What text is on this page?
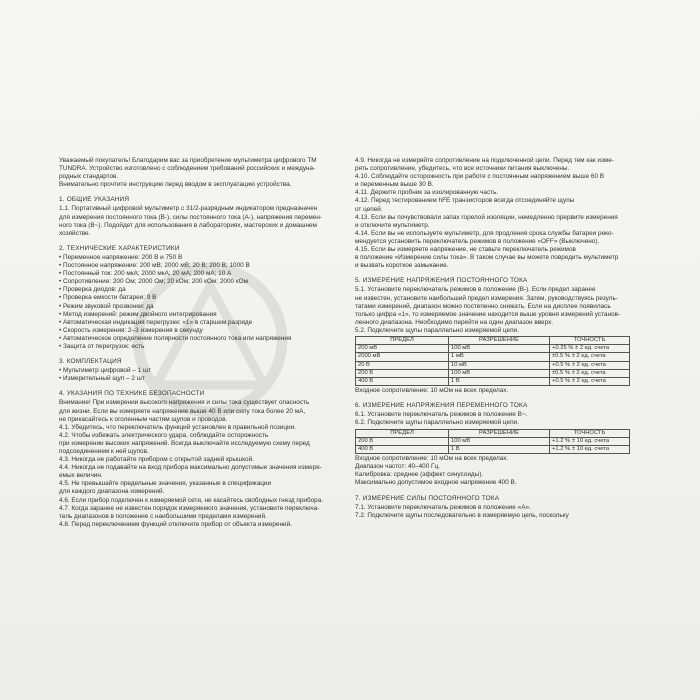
Уважаемый покупатель! Благодарим вас за приобретение мультиметра цифрового ТМ

TUNDRA. Устройство изготовлено с соблюдением требований российских и междуна-

родных стандартов.

Внимательно прочтите инструкцию перед вводом в эксплуатацию устройства.

1. ОБЩИЕ УКАЗАНИЯ

1.1. Портативный цифровой мультиметр с 31/2-разрядным индикатором предназначен

для измерения постоянного тока (В-), силы постоянного тока (А-), напряжения перемен-

ного тока (В~). Подойдет для использования в лабораториях, мастерских и домашнем

хозяйстве.

2. ТЕХНИЧЕСКИЕ ХАРАКТЕРИСТИКИ

• Переменное напряжение: 200 В и 750 В

• Постоянное напряжение: 200 мВ; 2000 мВ; 20 В; 200 В; 1000 В

• Постоянный ток: 200 мкА; 2000 мкА; 20 мА; 200 мА; 10 А

• Сопротивление: 200 Ом; 2000 Ом; 20 кОм; 200 кОм; 2000 кОм

• Проверка диодов: да

• Проверка емкости батареи: 9 В

• Режим звуковой прозвонки: да

• Метод измерений: режим двойного интегрирования

• Автоматическая индикация перегрузки: «1» в старшем разряде

• Скорость измерения: 2–3 измерения в секунду

• Автоматическое определение полярности постоянного тока или напряжения

• Защита от перегрузок: есть

3. КОМПЛЕКТАЦИЯ

• Мультиметр цифровой – 1 шт

• Измерительный щуп – 2 шт

4. УКАЗАНИЯ ПО ТЕХНИКЕ БЕЗОПАСНОСТИ

Внимание! При измерении высокого напряжения и силы тока существует опасность

для жизни. Если вы измеряете напряжение выше 40 В или силу тока более 20 мА,

не прикасайтесь к оголенным частям щупов и проводов.

4.1. Убедитесь, что переключатель функций установлен в правильной позиции.

4.2. Чтобы избежать электрического удара, соблюдайте осторожность

при измерении высоких напряжений. Всегда выключайте исследуемую схему перед

подсоединением к ней щупов.

4.3. Никогда не работайте прибором с открытой задней крышкой.

4.4. Никогда не подавайте на вход прибора максимально допустимые значения измеря-

емых величин.

4.5. Не превышайте предельные значения, указанные в спецификации

для каждого диапазона измерений.

4.6. Если прибор подключен к измеряемой сети, не касайтесь свободных гнезд прибора.

4.7. Когда заранее не известен порядок измеряемого значения, установите переключа-

тель диапазонов в положение с наибольшими пределами измерений.

4.8. Перед переключением функций отключите прибор от объекта измерений.

4.9. Никогда не измеряйте сопротивление на подключенной цепи. Перед тем как изме-

рять сопротивление, убедитесь, что все источники питания выключены.

4.10. Соблюдайте осторожность при работе с постоянным напряжением выше 60 В

и переменным выше 30 В.

4.11. Держите пробник за изолированную часть.

4.12. Перед тестированием hFE транзисторов всегда отсоединяйте щупы

от цепей.

4.13. Если вы почувствовали запах горелой изоляции, немедленно прервите измерения

и отключите мультиметр.

4.14. Если вы не используете мультиметр, для продления срока службы батареи реко-

мендуется установить переключатель режимов в положение «OFF» (Выключено).

4.15. Если вы измеряете напряжение, не ставьте переключатель режимов

в положение «Измерение силы тока». В таком случае вы можете повредить мультиметр

и вызвать короткое замыкание.

5. ИЗМЕРЕНИЕ НАПРЯЖЕНИЯ ПОСТОЯННОГО ТОКА

5.1. Установите переключатель режимов в положение (В-). Если предел заранее

не известен, установите наибольший предел измерения. Затем, руководствуясь резуль-

татами измерений, диапазон можно постепенно снижать. Если на дисплее появилась

только цифра «1», то измеряемое значение находится выше уровня измерений установ-

ленного диапазона. Необходимо перейти на один диапазон вверх.

5.2. Подключите щупы параллельно измеряемой цепи.

ПРЕДЕЛ	РАЗРЕШЕНИЕ	ТОЧНОСТЬ
200 мВ	100 мВ	+0.25 % ± 2 ед. счета
2000 мВ	1 мВ	±0.5 % ± 2 ед. счета
20 В	10 мВ	+0.5 % ± 2 ед. счета
200 В	100 мВ	±0.5 % ± 2 ед. счета
400 В	1 В	+0.5 % ± 2 ед. счета

Входное сопротивление: 10 мОм на всех пределах.

6. ИЗМЕРЕНИЕ НАПРЯЖЕНИЯ ПЕРЕМЕННОГО ТОКА

6.1. Установите переключатель режимов в положение В~.

6.2. Подключите щупы параллельно измеряемой цепи.

ПРЕДЕЛ	РАЗРЕШЕНИЕ	ТОЧНОСТЬ
200 В	100 мВ	+1.2 % ± 10 ед. счета
400 В	1 В	+1.2 % ± 10 ед. счета

Входное сопротивление: 10 мОм на всех пределах.

Диапазон частот: 40–400 Гц.

Калибровка: среднее (эффект синусоиды).

Максимально допустимое входное напряжение 400 В.

7. ИЗМЕРЕНИЕ СИЛЫ ПОСТОЯННОГО ТОКА

7.1. Установите переключатель режимов в положение «А».

7.2. Подключите щупы последовательно в измеряемую цепь, поскольку
